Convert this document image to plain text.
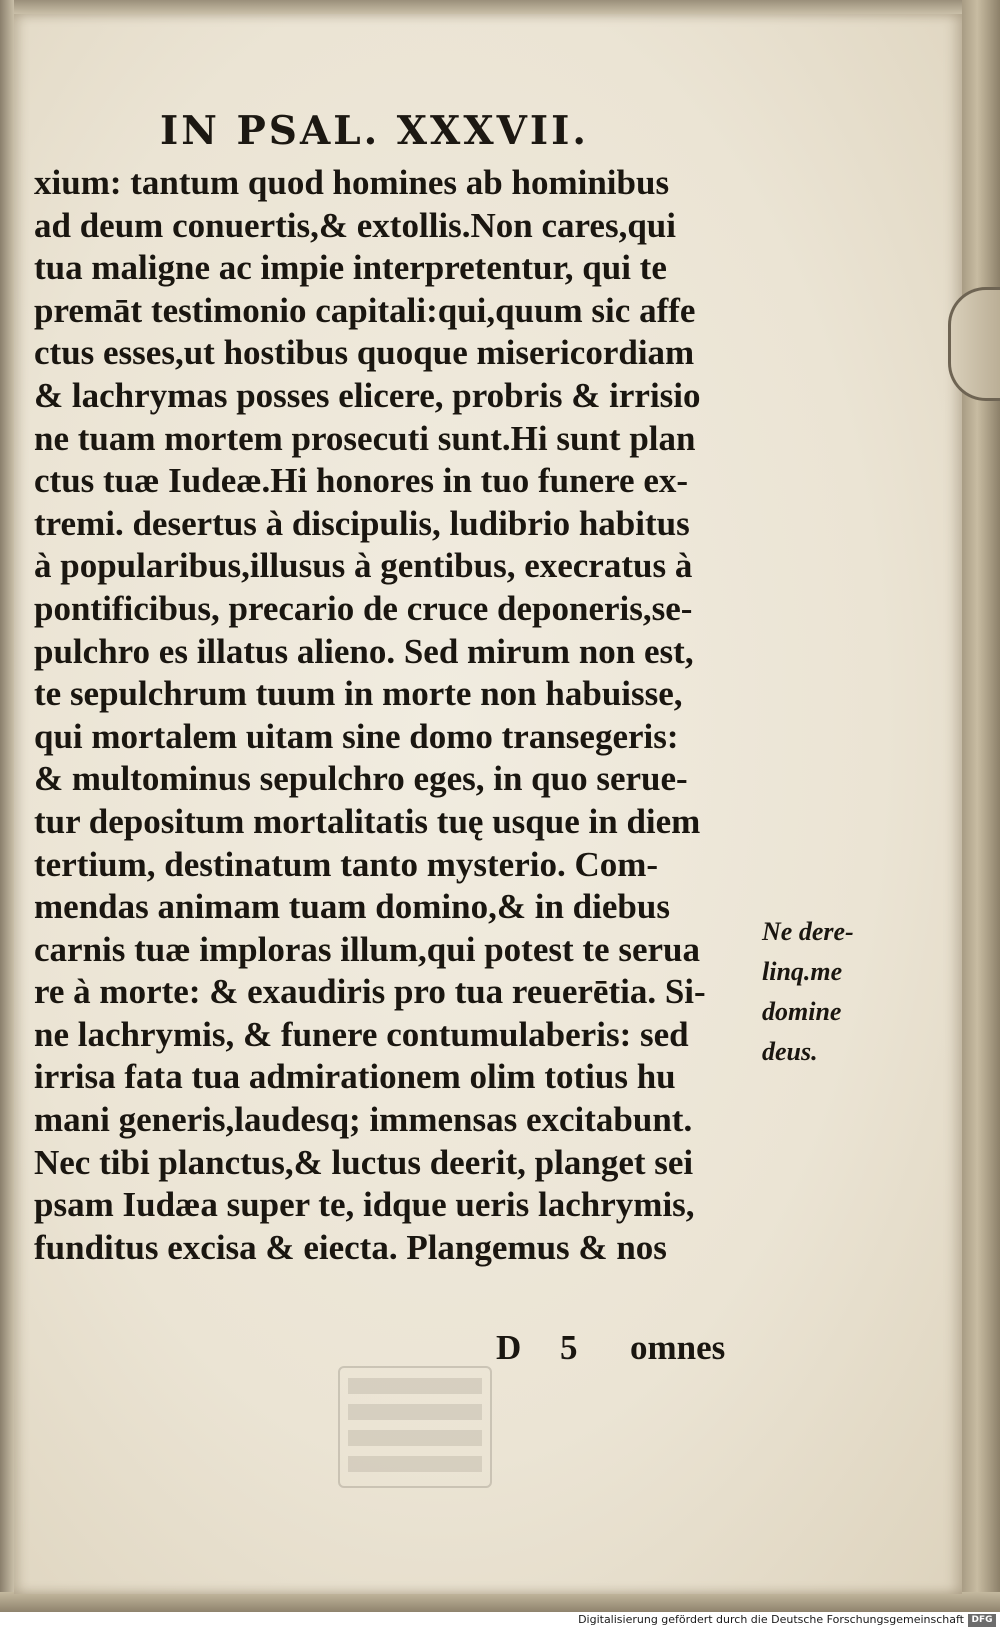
IN PSAL. XXXVII.
xium: tantum quod homines ab hominibus
ad deum conuertis,& extollis.Non cares,qui
tua maligne ac impie interpretentur, qui te
premāt testimonio capitali:qui,quum sic affe
ctus esses,ut hostibus quoque misericordiam
& lachrymas posses elicere, probris & irrisio
ne tuam mortem prosecuti sunt.Hi sunt plan
ctus tuæ Iudeæ.Hi honores in tuo funere ex-
tremi. desertus à discipulis, ludibrio habitus
à popularibus,illusus à gentibus, execratus à
pontificibus, precario de cruce deponeris,se-
pulchro es illatus alieno. Sed mirum non est,
te sepulchrum tuum in morte non habuisse,
qui mortalem uitam sine domo transegeris:
& multominus sepulchro eges, in quo serue-
tur depositum mortalitatis tuę usque in diem
tertium, destinatum tanto mysterio. Com-
mendas animam tuam domino,& in diebus
carnis tuæ imploras illum,qui potest te serua
re à morte: & exaudiris pro tua reuerētia. Si-
ne lachrymis, & funere contumulaberis: sed
irrisa fata tua admirationem olim totius hu
mani generis,laudesq; immensas excitabunt.
Nec tibi planctus,& luctus deerit, planget sei
psam Iudæa super te, idque ueris lachrymis,
funditus excisa & eiecta. Plangemus & nos
Ne dere-
linq.me
domine
deus.
D 5 omnes
Digitalisierung gefördert durch die Deutsche Forschungsgemeinschaft DFG
